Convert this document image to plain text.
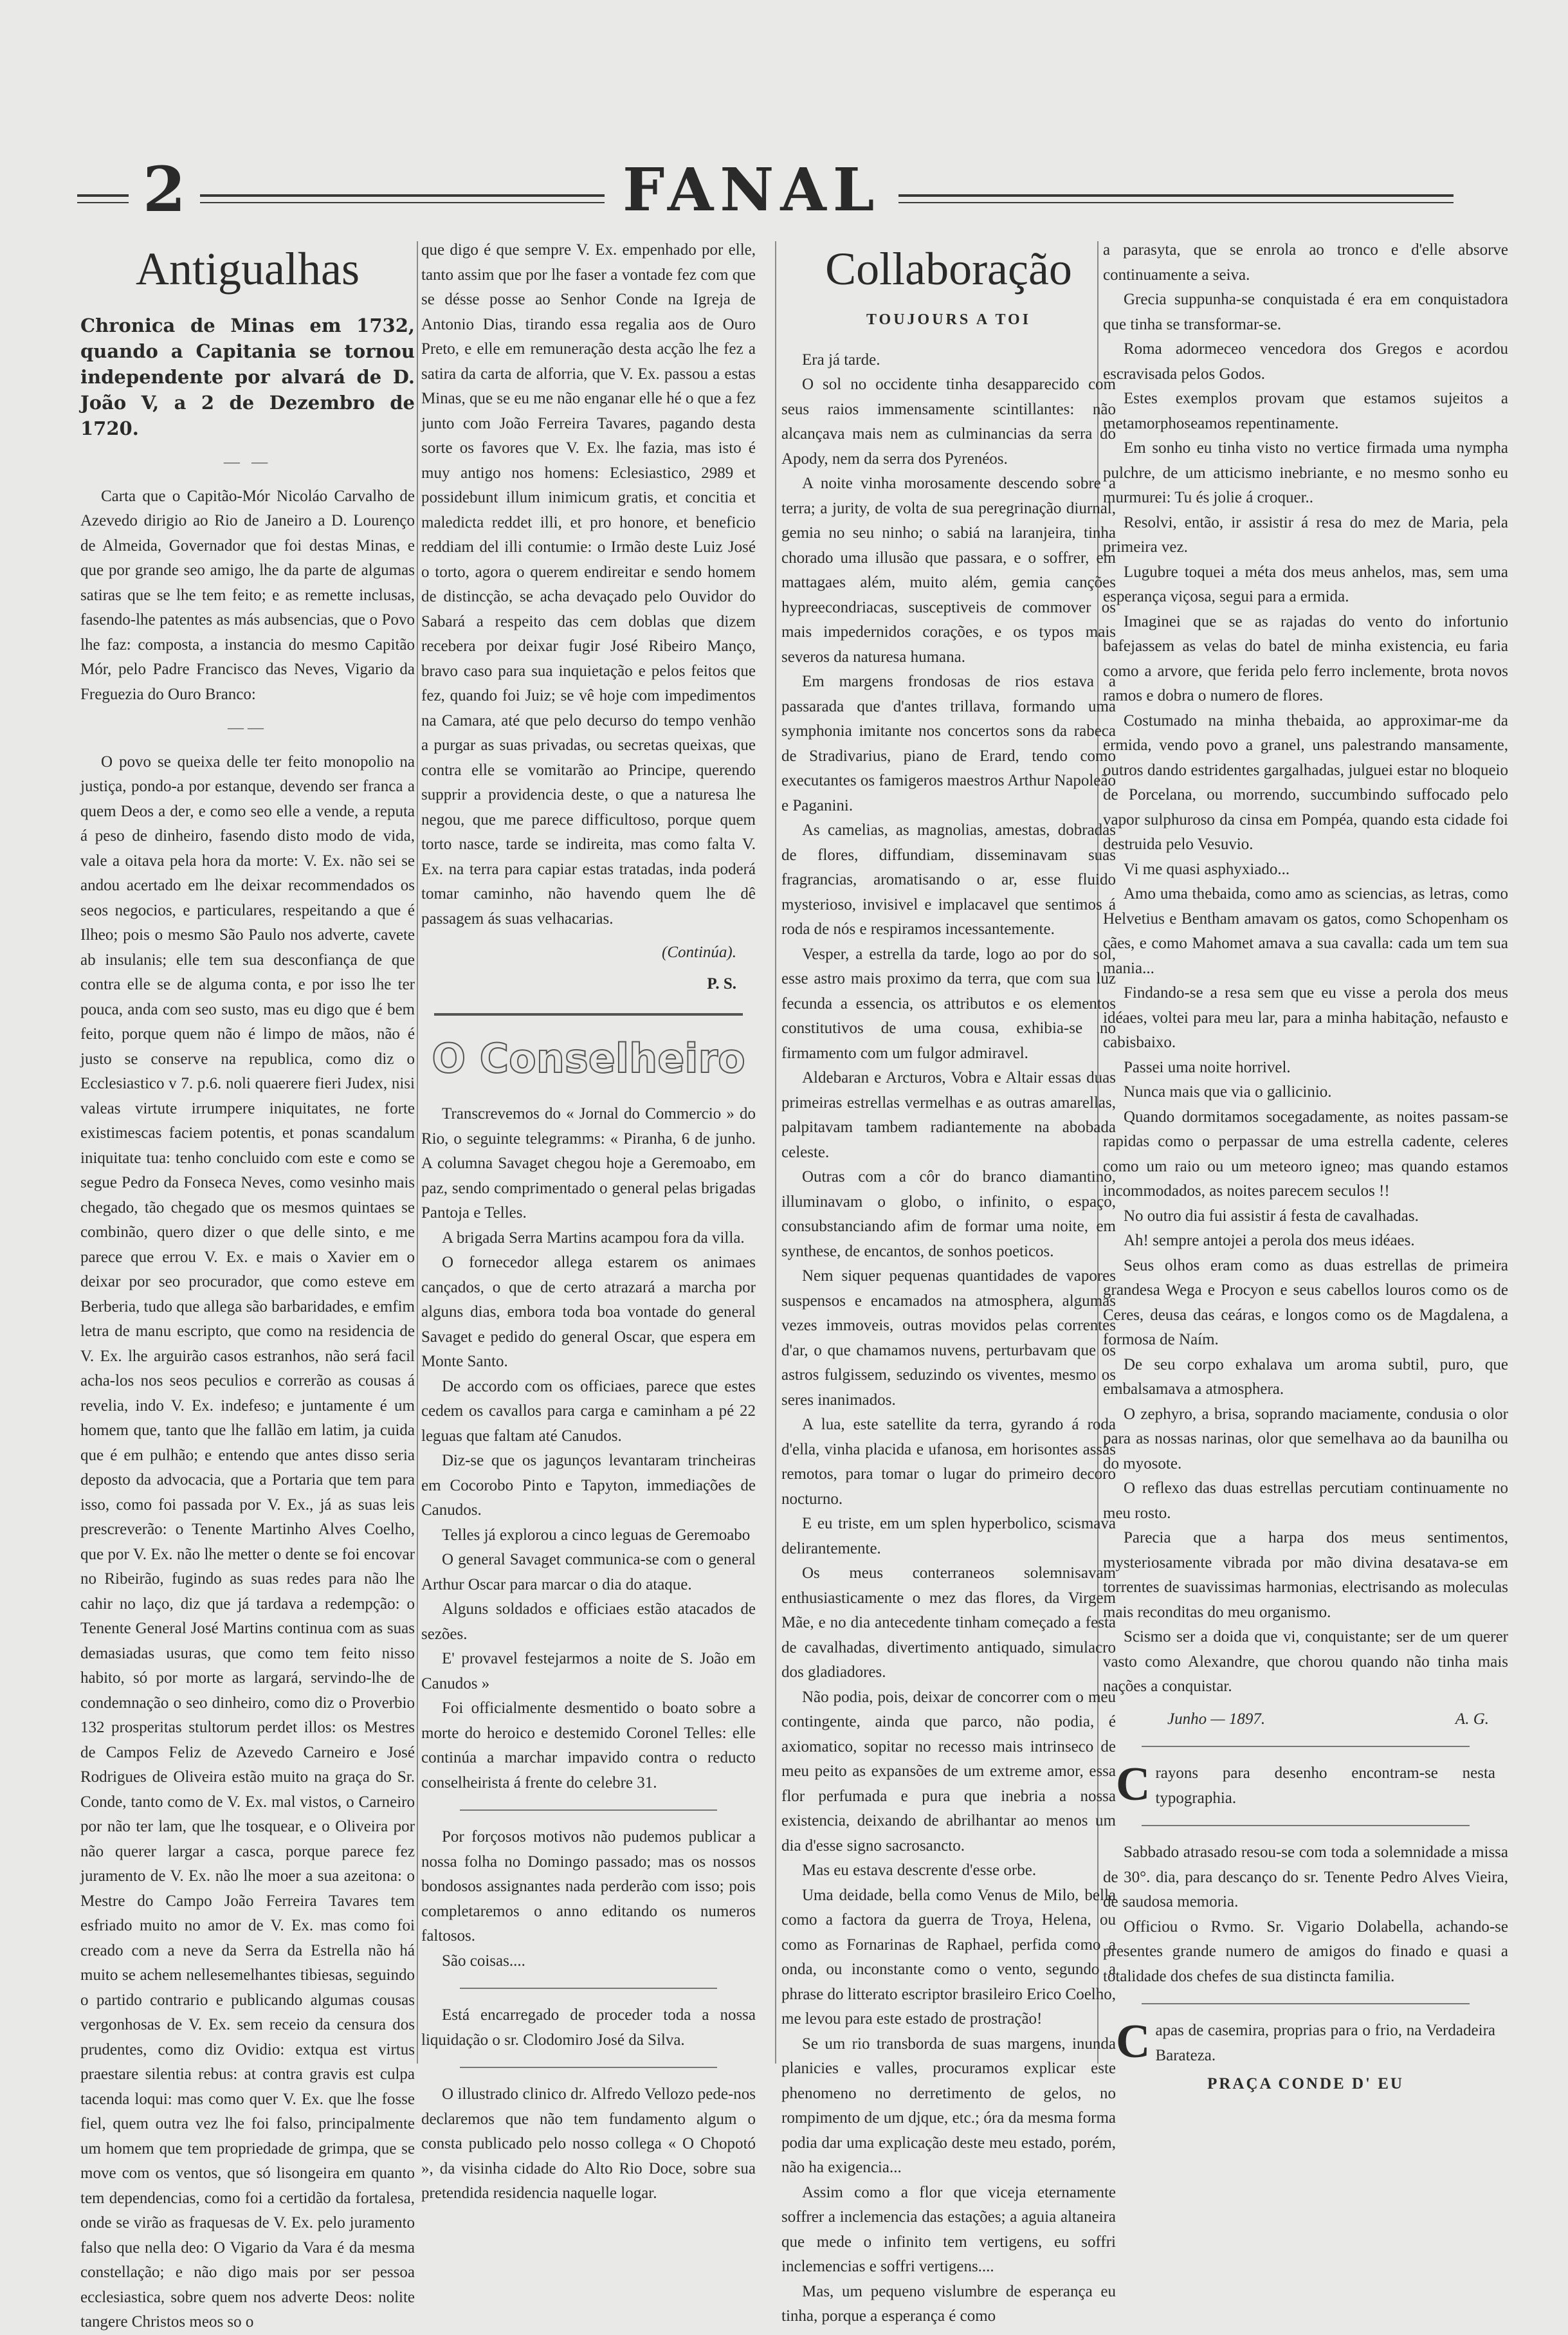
2	FANAL
Antigualhas
Chronica de Minas em 1732, quando a Capitania se tornou independente por alvará de D. João V, a 2 de Dezembro de 1720.
— —

Carta que o Capitão-Mór Nicoláo Carvalho de Azevedo dirigio ao Rio de Janeiro a D. Lourenço de Almeida, Governador que foi destas Minas, e que por grande seo amigo, lhe da parte de algumas satiras que se lhe tem feito; e as remette inclusas, fasendo-lhe patentes as más aubsencias, que o Povo lhe faz: composta, a instancia do mesmo Capitão Mór, pelo Padre Francisco das Neves, Vigario da Freguezia do Ouro Branco:

——

O povo se queixa delle ter feito monopolio na justiça, pondo-a por estanque, devendo ser franca a quem Deos a der, e como seo elle a vende, a reputa á peso de dinheiro, fasendo disto modo de vida, vale a oitava pela hora da morte: V. Ex. não sei se andou acertado em lhe deixar recommendados os seos negocios, e particulares, respeitando a que é Ilheo; pois o mesmo São Paulo nos adverte, cavete ab insulanis; elle tem sua desconfiança de que contra elle se de alguma conta, e por isso lhe ter pouca, anda com seo susto, mas eu digo que é bem feito, porque quem não é limpo de mãos, não é justo se conserve na republica, como diz o Ecclesiastico v 7. p.6. noli quaerere fieri Judex, nisi valeas virtute irrumpere iniquitates, ne forte existimescas faciem potentis, et ponas scandalum iniquitate tua: tenho concluido com este e como se segue Pedro da Fonseca Neves, como vesinho mais chegado, tão chegado que os mesmos quintaes se combinão, quero dizer o que delle sinto, e me parece que errou V. Ex. e mais o Xavier em o deixar por seo procurador, que como esteve em Berberia, tudo que allega são barbaridades, e emfim letra de manu escripto, que como na residencia de V. Ex. lhe arguirão casos estranhos, não será facil acha-los nos seos peculios e correrão as cousas á revelia, indo V. Ex. indefeso; e juntamente é um homem que, tanto que lhe fallão em latim, ja cuida que é em pulhão; e entendo que antes disso seria deposto da advocacia, que a Portaria que tem para isso, como foi passada por V. Ex., já as suas leis prescreverão: o Tenente Martinho Alves Coelho, que por V. Ex. não lhe metter o dente se foi encovar no Ribeirão, fugindo as suas redes para não lhe cahir no laço, diz que já tardava a redempção: o Tenente General José Martins continua com as suas demasiadas usuras, que como tem feito nisso habito, só por morte as largará, servindo-lhe de condemnação o seo dinheiro, como diz o Proverbio 132 prosperitas stultorum perdet illos: os Mestres de Campos Feliz de Azevedo Carneiro e José Rodrigues de Oliveira estão muito na graça do Sr. Conde, tanto como de V. Ex. mal vistos, o Carneiro por não ter lam, que lhe tosquear, e o Oliveira por não querer largar a casca, porque parece fez juramento de V. Ex. não lhe moer a sua azeitona: o Mestre do Campo João Ferreira Tavares tem esfriado muito no amor de V. Ex. mas como foi creado com a neve da Serra da Estrella não há muito se achem nellesemelhantes tibiesas, seguindo o partido contrario e publicando algumas cousas vergonhosas de V. Ex. sem receio da censura dos prudentes, como diz Ovidio: extqua est virtus praestare silentia rebus: at contra gravis est culpa tacenda loqui: mas como quer V. Ex. que lhe fosse fiel, quem outra vez lhe foi falso, principalmente um homem que tem propriedade de grimpa, que se move com os ventos, que só lisongeira em quanto tem dependencias, como foi a certidão da fortalesa, onde se virão as fraquesas de V. Ex. pelo juramento falso que nella deo: O Vigario da Vara é da mesma constellação; e não digo mais por ser pessoa ecclesiastica, sobre quem nos adverte Deos: nolite tangere Christos meos so o

que digo é que sempre V. Ex. empenhado por elle, tanto assim que por lhe faser a vontade fez com que se désse posse ao Senhor Conde na Igreja de Antonio Dias, tirando essa regalia aos de Ouro Preto, e elle em remuneração desta acção lhe fez a satira da carta de alforria, que V. Ex. passou a estas Minas, que se eu me não enganar elle hé o que a fez junto com João Ferreira Tavares, pagando desta sorte os favores que V. Ex. lhe fazia, mas isto é muy antigo nos homens: Eclesiastico, 2989 et possidebunt illum inimicum gratis, et concitia et maledicta reddet illi, et pro honore, et beneficio reddiam del illi contumie: o Irmão deste Luiz José o torto, agora o querem endireitar e sendo homem de distincção, se acha devaçado pelo Ouvidor do Sabará a respeito das cem doblas que dizem recebera por deixar fugir José Ribeiro Manço, bravo caso para sua inquietação e pelos feitos que fez, quando foi Juiz; se vê hoje com impedimentos na Camara, até que pelo decurso do tempo venhão a purgar as suas privadas, ou secretas queixas, que contra elle se vomitarão ao Principe, querendo supprir a providencia deste, o que a naturesa lhe negou, que me parece difficultoso, porque quem torto nasce, tarde se indireita, mas como falta V. Ex. na terra para capiar estas tratadas, inda poderá tomar caminho, não havendo quem lhe dê passagem ás suas velhacarias.

(Continúa).
P. S.
O Conselheiro

Transcrevemos do « Jornal do Commercio » do Rio, o seguinte telegramms: « Piranha, 6 de junho. A columna Savaget chegou hoje a Geremoabo, em paz, sendo comprimentado o general pelas brigadas Pantoja e Telles.

A brigada Serra Martins acampou fora da villa.

O fornecedor allega estarem os animaes cançados, o que de certo atrazará a marcha por alguns dias, embora toda boa vontade do general Savaget e pedido do general Oscar, que espera em Monte Santo.

De accordo com os officiaes, parece que estes cedem os cavallos para carga e caminham a pé 22 leguas que faltam até Canudos.

Diz-se que os jagunços levantaram trincheiras em Cocorobo Pinto e Tapyton, immediações de Canudos.

Telles já explorou a cinco leguas de Geremoabo

O general Savaget communica-se com o general Arthur Oscar para marcar o dia do ataque.

Alguns soldados e officiaes estão atacados de sezões.

E' provavel festejarmos a noite de S. João em Canudos »

Foi officialmente desmentido o boato sobre a morte do heroico e destemido Coronel Telles: elle continúa a marchar impavido contra o reducto conselheirista á frente do celebre 31.

Por forçosos motivos não pudemos publicar a nossa folha no Domingo passado; mas os nossos bondosos assignantes nada perderão com isso; pois completaremos o anno editando os numeros faltosos.

São coisas....

Está encarregado de proceder toda a nossa liquidação o sr. Clodomiro José da Silva.

O illustrado clinico dr. Alfredo Vellozo pede-nos declaremos que não tem fundamento algum o consta publicado pelo nosso collega « O Chopotó », da visinha cidade do Alto Rio Doce, sobre sua pretendida residencia naquelle logar.

Collaboração
TOUJOURS A TOI

Era já tarde.

O sol no occidente tinha desapparecido com seus raios immensamente scintillantes: não alcançava mais nem as culminancias da serra do Apody, nem da serra dos Pyrenéos.

A noite vinha morosamente descendo sobre a terra; a jurity, de volta de sua peregrinação diurnal, gemia no seu ninho; o sabiá na laranjeira, tinha chorado uma illusão que passara, e o soffrer, em mattagaes além, muito além, gemia canções hypreecondriacas, susceptiveis de commover os mais impedernidos corações, e os typos mais severos da naturesa humana.

Em margens frondosas de rios estava a passarada que d'antes trillava, formando uma symphonia imitante nos concertos sons da rabeca de Stradivarius, piano de Erard, tendo como executantes os famigeros maestros Arthur Napoleão e Paganini.

As camelias, as magnolias, amestas, dobradas de flores, diffundiam, disseminavam suas fragrancias, aromatisando o ar, esse fluido mysterioso, invisivel e implacavel que sentimos á roda de nós e respiramos incessantemente.

Vesper, a estrella da tarde, logo ao por do sol, esse astro mais proximo da terra, que com sua luz fecunda a essencia, os attributos e os elementos constitutivos de uma cousa, exhibia-se no firmamento com um fulgor admiravel.

Aldebaran e Arcturos, Vobra e Altair essas duas primeiras estrellas vermelhas e as outras amarellas, palpitavam tambem radiantemente na abobada celeste.

Outras com a côr do branco diamantino, illuminavam o globo, o infinito, o espaço, consubstanciando afim de formar uma noite, em synthese, de encantos, de sonhos poeticos.

Nem siquer pequenas quantidades de vapores suspensos e encamados na atmosphera, algumas vezes immoveis, outras movidos pelas correntes d'ar, o que chamamos nuvens, perturbavam que os astros fulgissem, seduzindo os viventes, mesmo os seres inanimados.

A lua, este satellite da terra, gyrando á roda d'ella, vinha placida e ufanosa, em horisontes assás remotos, para tomar o lugar do primeiro decoro nocturno.

E eu triste, em um splen hyperbolico, scismava delirantemente.

Os meus conterraneos solemnisavam enthusiasticamente o mez das flores, da Virgem Mãe, e no dia antecedente tinham começado a festa de cavalhadas, divertimento antiquado, simulacro dos gladiadores.

Não podia, pois, deixar de concorrer com o meu contingente, ainda que parco, não podia, é axiomatico, sopitar no recesso mais intrinseco de meu peito as expansões de um extreme amor, essa flor perfumada e pura que inebria a nossa existencia, deixando de abrilhantar ao menos um dia d'esse signo sacrosancto.

Mas eu estava descrente d'esse orbe.

Uma deidade, bella como Venus de Milo, bella como a factora da guerra de Troya, Helena, ou como as Fornarinas de Raphael, perfida como a onda, ou inconstante como o vento, segundo a phrase do litterato escriptor brasileiro Erico Coelho, me levou para este estado de prostração!

Se um rio transborda de suas margens, inunda planicies e valles, procuramos explicar este phenomeno no derretimento de gelos, no rompimento de um djque, etc.; óra da mesma forma podia dar uma explicação deste meu estado, porém, não ha exigencia...

Assim como a flor que viceja eternamente soffrer a inclemencia das estações; a aguia altaneira que mede o infinito tem vertigens, eu soffri inclemencias e soffri vertigens....

Mas, um pequeno vislumbre de esperança eu tinha, porque a esperança é como

a parasyta, que se enrola ao tronco e d'elle absorve continuamente a seiva.

Grecia suppunha-se conquistada é era em conquistadora que tinha se transformar-se.

Roma adormeceo vencedora dos Gregos e acordou escravisada pelos Godos.

Estes exemplos provam que estamos sujeitos a metamorphoseamos repentinamente.

Em sonho eu tinha visto no vertice firmada uma nympha pulchre, de um atticismo inebriante, e no mesmo sonho eu murmurei: Tu és jolie á croquer..

Resolvi, então, ir assistir á resa do mez de Maria, pela primeira vez.

Lugubre toquei a méta dos meus anhelos, mas, sem uma esperança viçosa, segui para a ermida.

Imaginei que se as rajadas do vento do infortunio bafejassem as velas do batel de minha existencia, eu faria como a arvore, que ferida pelo ferro inclemente, brota novos ramos e dobra o numero de flores.

Costumado na minha thebaida, ao approximar-me da ermida, vendo povo a granel, uns palestrando mansamente, outros dando estridentes gargalhadas, julguei estar no bloqueio de Porcelana, ou morrendo, succumbindo suffocado pelo vapor sulphuroso da cinsa em Pompéa, quando esta cidade foi destruida pelo Vesuvio.

Vi me quasi asphyxiado...

Amo uma thebaida, como amo as sciencias, as letras, como Helvetius e Bentham amavam os gatos, como Schopenham os cães, e como Mahomet amava a sua cavalla: cada um tem sua mania...

Findando-se a resa sem que eu visse a perola dos meus idéaes, voltei para meu lar, para a minha habitação, nefausto e cabisbaixo.

Passei uma noite horrivel.

Nunca mais que via o gallicinio.

Quando dormitamos socegadamente, as noites passam-se rapidas como o perpassar de uma estrella cadente, celeres como um raio ou um meteoro igneo; mas quando estamos incommodados, as noites parecem seculos !!

No outro dia fui assistir á festa de cavalhadas.

Ah! sempre antojei a perola dos meus idéaes.

Seus olhos eram como as duas estrellas de primeira grandesa Wega e Procyon e seus cabellos louros como os de Ceres, deusa das ceáras, e longos como os de Magdalena, a formosa de Naím.

De seu corpo exhalava um aroma subtil, puro, que embalsamava a atmosphera.

O zephyro, a brisa, soprando maciamente, condusia o olor para as nossas narinas, olor que semelhava ao da baunilha ou do myosote.

O reflexo das duas estrellas percutiam continuamente no meu rosto.

Parecia que a harpa dos meus sentimentos, mysteriosamente vibrada por mão divina desatava-se em torrentes de suavissimas harmonias, electrisando as moleculas mais reconditas do meu organismo.

Scismo ser a doida que vi, conquistante; ser de um querer vasto como Alexandre, que chorou quando não tinha mais nações a conquistar.

Junho — 1897.	A. G.
C rayons para desenho encontram-se nesta typographia.

Sabbado atrasado resou-se com toda a solemnidade a missa de 30°. dia, para descanço do sr. Tenente Pedro Alves Vieira, de saudosa memoria.

Officiou o Rvmo. Sr. Vigario Dolabella, achando-se presentes grande numero de amigos do finado e quasi a totalidade dos chefes de sua distincta familia.

C apas de casemira, proprias para o frio, na Verdadeira Barateza.
PRAÇA CONDE D' EU
